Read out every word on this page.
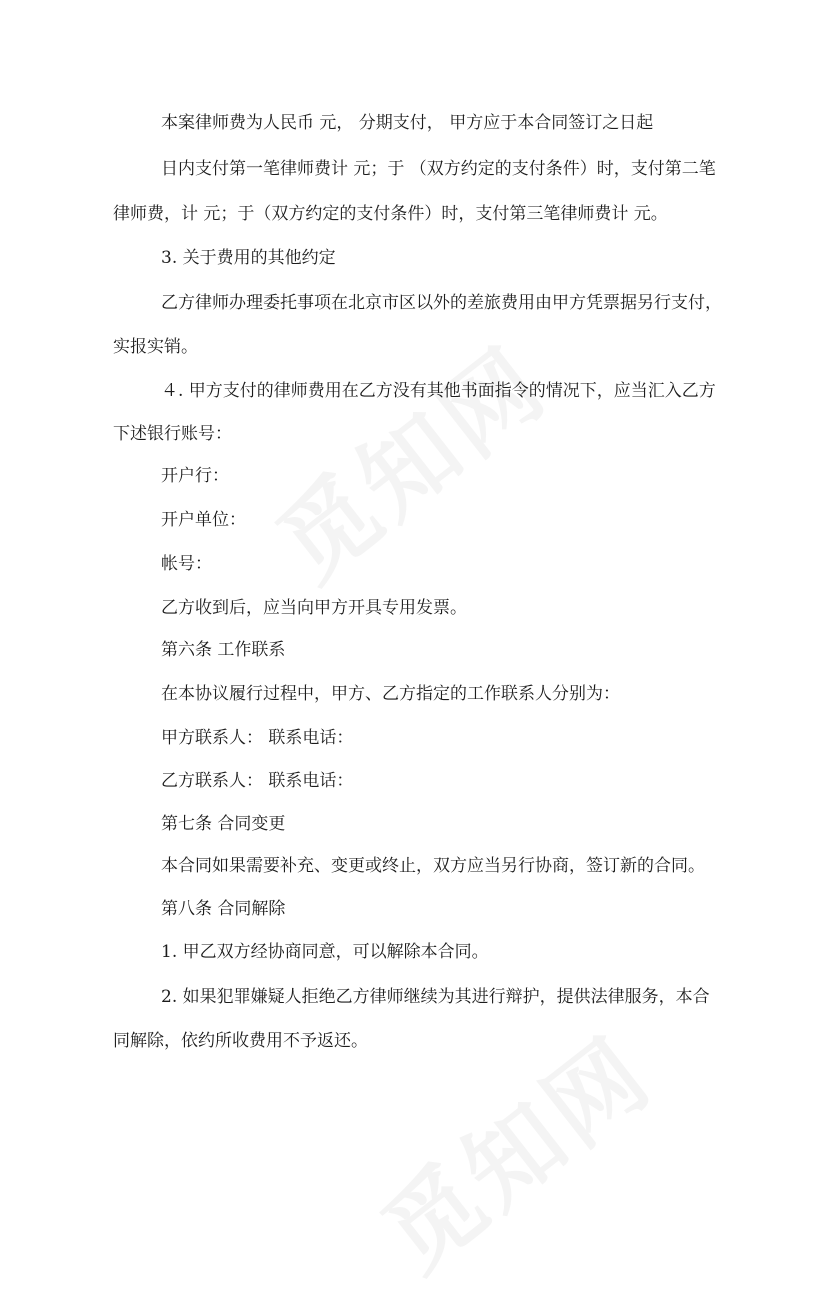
本案律师费为人民币 元， 分期支付， 甲方应于本合同签订之日起
日内支付第一笔律师费计 元；于 （双方约定的支付条件）时，支付第二笔
律师费，计 元；于（双方约定的支付条件）时，支付第三笔律师费计 元。
3. 关于费用的其他约定
乙方律师办理委托事项在北京市区以外的差旅费用由甲方凭票据另行支付，
实报实销。
４. 甲方支付的律师费用在乙方没有其他书面指令的情况下，应当汇入乙方
下述银行账号：
开户行：
开户单位：
帐号：
乙方收到后，应当向甲方开具专用发票。
第六条 工作联系
在本协议履行过程中，甲方、乙方指定的工作联系人分别为：
甲方联系人： 联系电话：
乙方联系人： 联系电话：
第七条 合同变更
本合同如果需要补充、变更或终止，双方应当另行协商，签订新的合同。
第八条 合同解除
1. 甲乙双方经协商同意，可以解除本合同。
2. 如果犯罪嫌疑人拒绝乙方律师继续为其进行辩护，提供法律服务，本合
同解除，依约所收费用不予返还。
